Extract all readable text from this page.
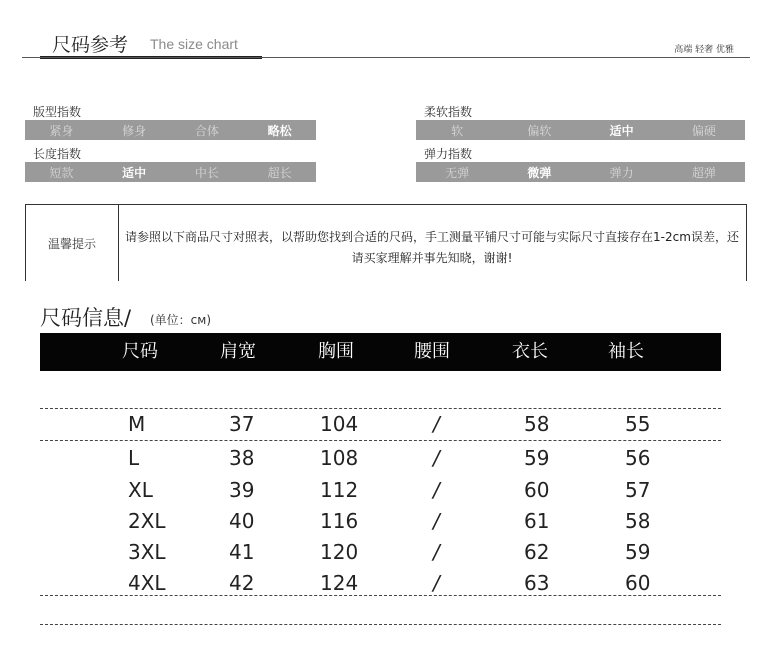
尺码参考 The size chart	高端 轻奢 优雅
版型指数
紧身	修身	合体	略松
长度指数
短款	适中	中长	超长
柔软指数
软	偏软	适中	偏硬
弹力指数
无弹	微弹	弹力	超弹
温馨提示	请参照以下商品尺寸对照表，以帮助您找到合适的尺码，手工测量平铺尺寸可能与实际尺寸直接存在1-2cm误差，还请买家理解并事先知晓，谢谢!
尺码信息/ (单位：cм)
尺码	肩宽	胸围	腰围	衣长	袖长
M	37	104	/	58	55
L	38	108	/	59	56
XL	39	112	/	60	57
2XL	40	116	/	61	58
3XL	41	120	/	62	59
4XL	42	124	/	63	60
